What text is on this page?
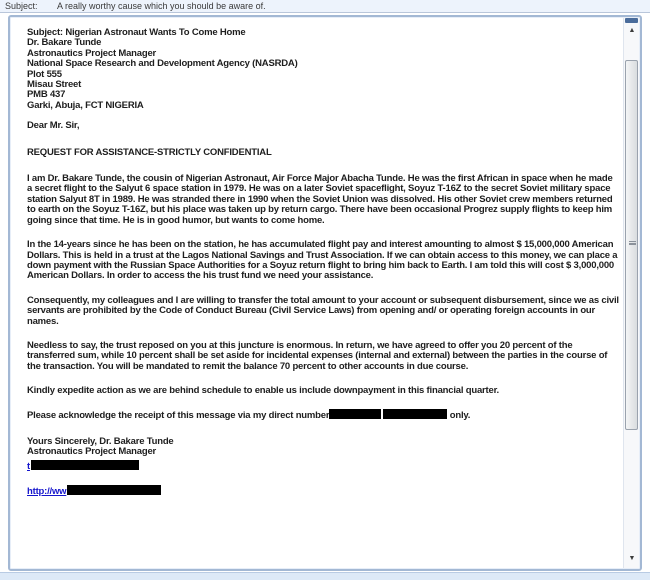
Subject:	A really worthy cause which you should be aware of.
Subject: Nigerian Astronaut Wants To Come Home
Dr. Bakare Tunde
Astronautics Project Manager
National Space Research and Development Agency (NASRDA)
Plot 555
Misau Street
PMB 437
Garki, Abuja, FCT NIGERIA

Dear Mr. Sir,

REQUEST FOR ASSISTANCE-STRICTLY CONFIDENTIAL

I am Dr. Bakare Tunde, the cousin of Nigerian Astronaut, Air Force Major Abacha Tunde. He was the first African in space when he made a secret flight to the Salyut 6 space station in 1979. He was on a later Soviet spaceflight, Soyuz T-16Z to the secret Soviet military space station Salyut 8T in 1989. He was stranded there in 1990 when the Soviet Union was dissolved. His other Soviet crew members returned to earth on the Soyuz T-16Z, but his place was taken up by return cargo. There have been occasional Progrez supply flights to keep him going since that time. He is in good humor, but wants to come home.

In the 14-years since he has been on the station, he has accumulated flight pay and interest amounting to almost $ 15,000,000 American Dollars. This is held in a trust at the Lagos National Savings and Trust Association. If we can obtain access to this money, we can place a down payment with the Russian Space Authorities for a Soyuz return flight to bring him back to Earth. I am told this will cost $ 3,000,000 American Dollars. In order to access the his trust fund we need your assistance.

Consequently, my colleagues and I are willing to transfer the total amount to your account or subsequent disbursement, since we as civil servants are prohibited by the Code of Conduct Bureau (Civil Service Laws) from opening and/ or operating foreign accounts in our names.

Needless to say, the trust reposed on you at this juncture is enormous. In return, we have agreed to offer you 20 percent of the transferred sum, while 10 percent shall be set aside for incidental expenses (internal and external) between the parties in the course of the transaction. You will be mandated to remit the balance 70 percent to other accounts in due course.

Kindly expedite action as we are behind schedule to enable us include downpayment in this financial quarter.

Please acknowledge the receipt of this message via my direct number	only.

Yours Sincerely, Dr. Bakare Tunde
Astronautics Project Manager
t
http://ww
▲
▼
